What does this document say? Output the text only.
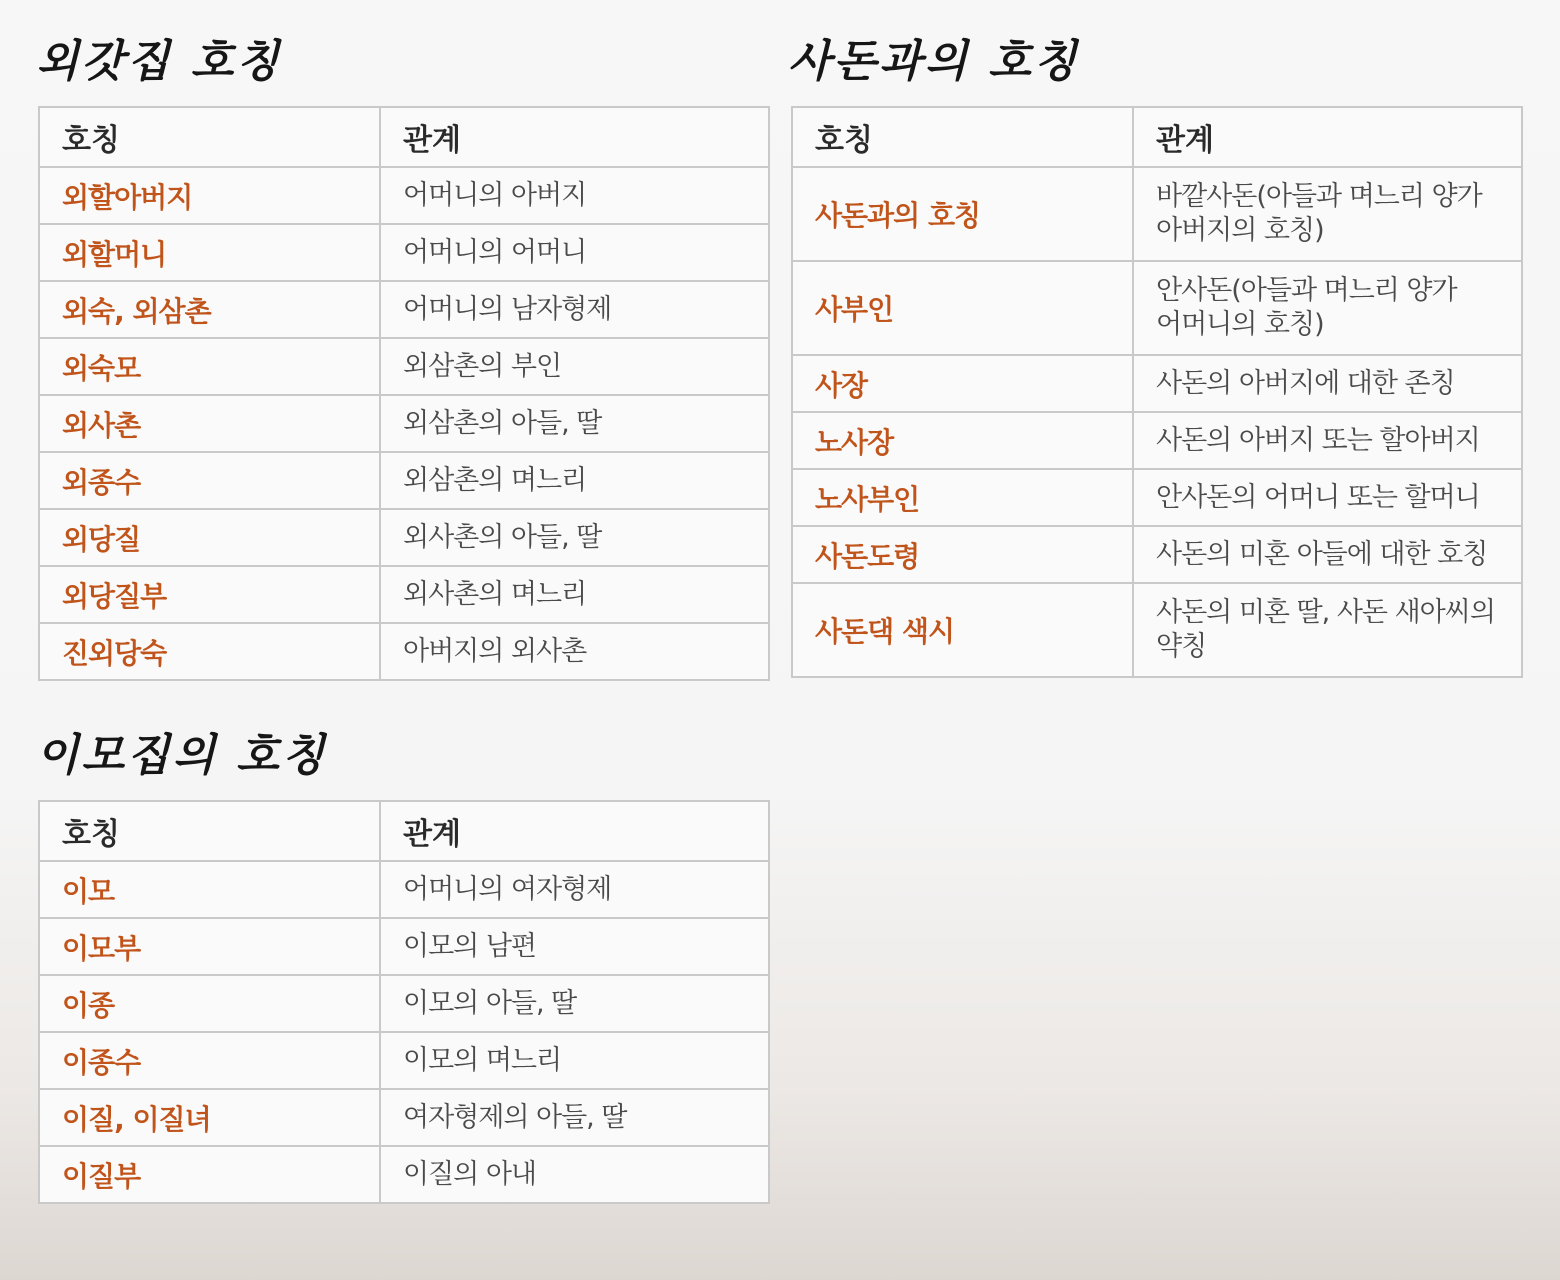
외갓집 호칭
호칭	관계
외할아버지	어머니의 아버지
외할머니	어머니의 어머니
외숙, 외삼촌	어머니의 남자형제
외숙모	외삼촌의 부인
외사촌	외삼촌의 아들, 딸
외종수	외삼촌의 며느리
외당질	외사촌의 아들, 딸
외당질부	외사촌의 며느리
진외당숙	아버지의 외사촌
사돈과의 호칭
호칭	관계
사돈과의 호칭	바깥사돈(아들과 며느리 양가
아버지의 호칭)

사부인	안사돈(아들과 며느리 양가
어머니의 호칭)

사장	사돈의 아버지에 대한 존칭
노사장	사돈의 아버지 또는 할아버지
노사부인	안사돈의 어머니 또는 할머니
사돈도령	사돈의 미혼 아들에 대한 호칭
사돈댁 색시	사돈의 미혼 딸, 사돈 새아씨의
약칭
이모집의 호칭
호칭	관계
이모	어머니의 여자형제
이모부	이모의 남편
이종	이모의 아들, 딸
이종수	이모의 며느리
이질, 이질녀	여자형제의 아들, 딸
이질부	이질의 아내
